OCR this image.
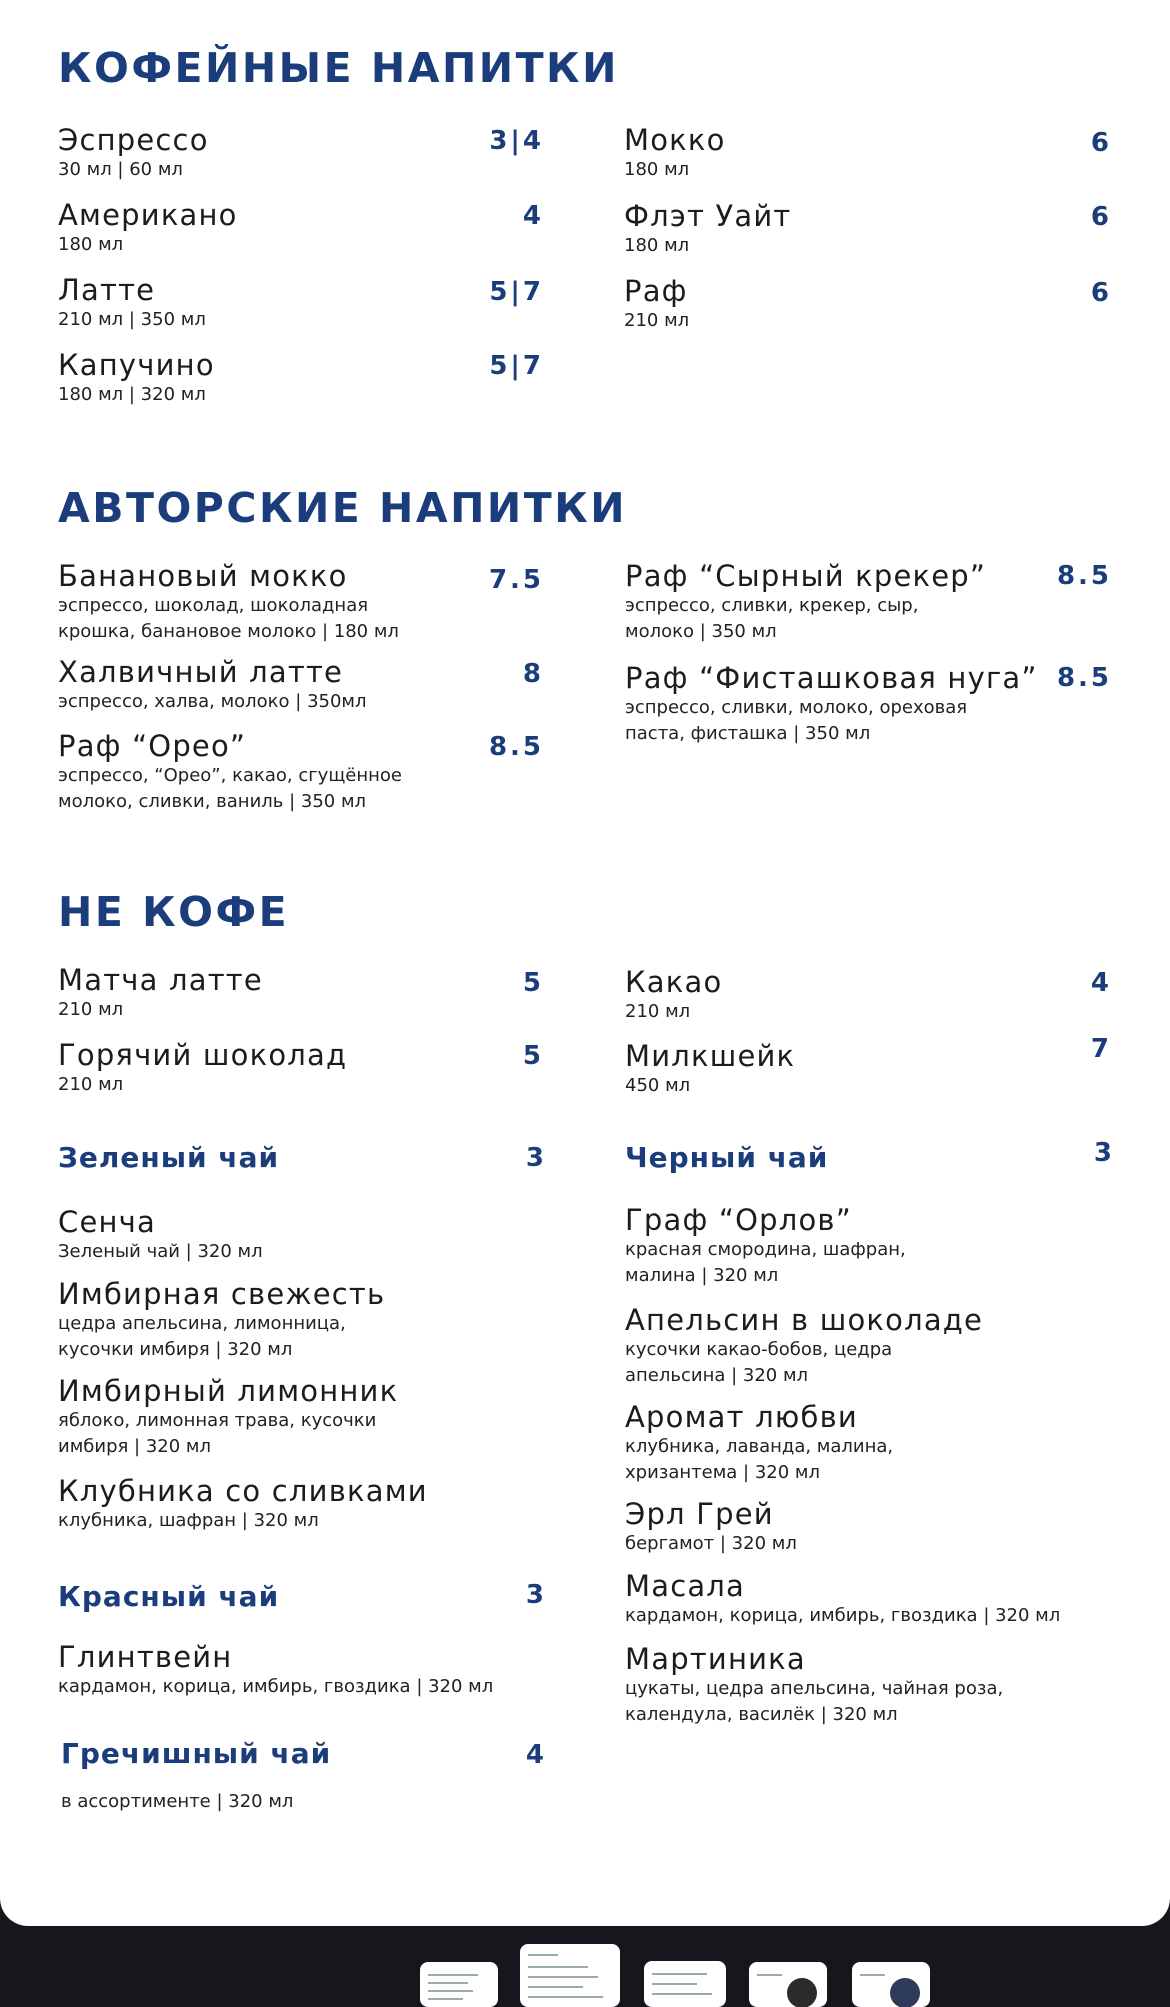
КОФЕЙНЫЕ НАПИТКИ
Эспрессо
30 мл | 60 мл
3|4
Американо
180 мл
4
Латте
210 мл | 350 мл
5|7
Капучино
180 мл | 320 мл
5|7
Мокко
180 мл
6
Флэт Уайт
180 мл
6
Раф
210 мл
6
АВТОРСКИЕ НАПИТКИ
Банановый мокко
эспрессо, шоколад, шоколадная
крошка, банановое молоко | 180 мл
7.5
Халвичный латте
эспрессо, халва, молоко | 350мл
8
Раф “Орео”
эспрессо, “Орео”, какао, сгущённое
молоко, сливки, ваниль | 350 мл
8.5
Раф “Сырный крекер”
эспрессо, сливки, крекер, сыр,
молоко | 350 мл
8.5
Раф “Фисташковая нуга”
эспрессо, сливки, молоко, ореховая
паста, фисташка | 350 мл
8.5
НЕ КОФЕ
Матча латте
210 мл
5
Горячий шоколад
210 мл
5
Какао
210 мл
4
Милкшейк
450 мл
7
Зеленый чай	3
Сенча
Зеленый чай | 320 мл
Имбирная свежесть
цедра апельсина, лимонница,
кусочки имбиря | 320 мл
Имбирный лимонник
яблоко, лимонная трава, кусочки
имбиря | 320 мл
Клубника со сливками
клубника, шафран | 320 мл
Черный чай	3
Граф “Орлов”
красная смородина, шафран,
малина | 320 мл
Апельсин в шоколаде
кусочки какао-бобов, цедра
апельсина | 320 мл
Аромат любви
клубника, лаванда, малина,
хризантема | 320 мл
Эрл Грей
бергамот | 320 мл
Масала
кардамон, корица, имбирь, гвоздика | 320 мл
Мартиника
цукаты, цедра апельсина, чайная роза,
календула, василёк | 320 мл
Красный чай	3
Глинтвейн
кардамон, корица, имбирь, гвоздика | 320 мл
Гречишный чай	4
в ассортименте | 320 мл
